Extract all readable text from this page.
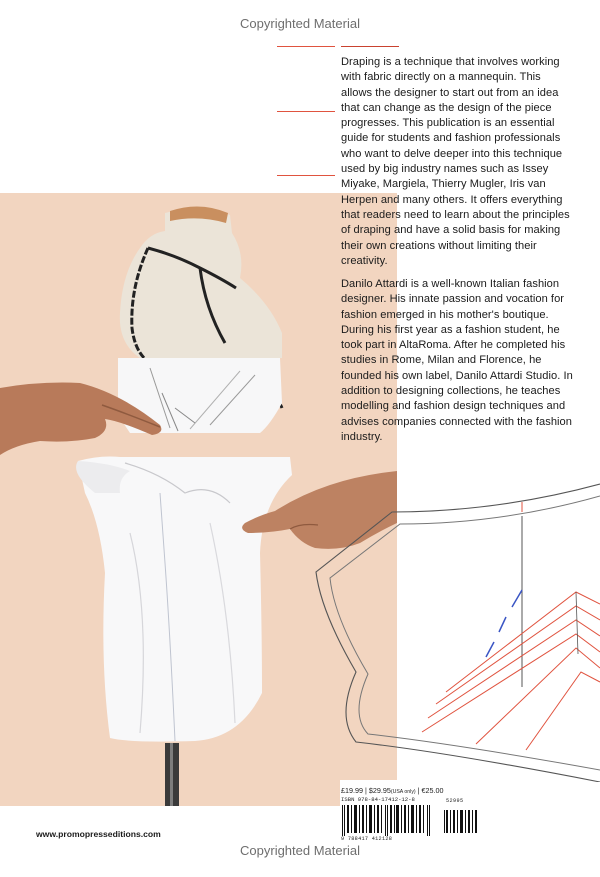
Copyrighted Material

Draping is a technique that involves working with fabric directly on a mannequin. This allows the designer to start out from an idea that can change as the design of the piece progresses. This publication is an essential guide for students and fashion professionals who want to delve deeper into this technique used by big industry names such as Issey Miyake, Margiela, Thierry Mugler, Iris van Herpen and many others. It offers everything that readers need to learn about the principles of draping and have a solid basis for making their own creations without limiting their creativity.

Danilo Attardi is a well-known Italian fashion designer. His innate passion and vocation for fashion emerged in his mother's boutique. During his first year as a fashion student, he took part in AltaRoma. After he completed his studies in Rome, Milan and Florence, he founded his own label, Danilo Attardi Studio. In addition to designing collections, he teaches modelling and fashion design techniques and advises companies connected with the fashion industry.

www.promopresseditions.com
£19.99 | $29.95(USA only) | €25.00
ISBN 978-84-17412-12-8	52995
9 788417 412128
Copyrighted Material
